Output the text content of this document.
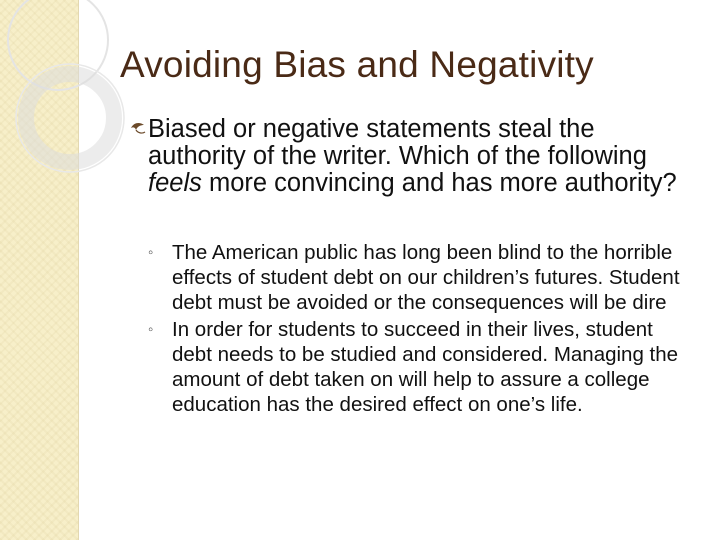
Avoiding Bias and Negativity
Biased or negative statements steal the authority of the writer. Which of the following feels more convincing and has more authority?
◦ The American public has long been blind to the horrible effects of student debt on our children’s futures. Student debt must be avoided or the consequences will be dire
◦ In order for students to succeed in their lives, student debt needs to be studied and considered. Managing the amount of debt taken on will help to assure a college education has the desired effect on one’s life.
